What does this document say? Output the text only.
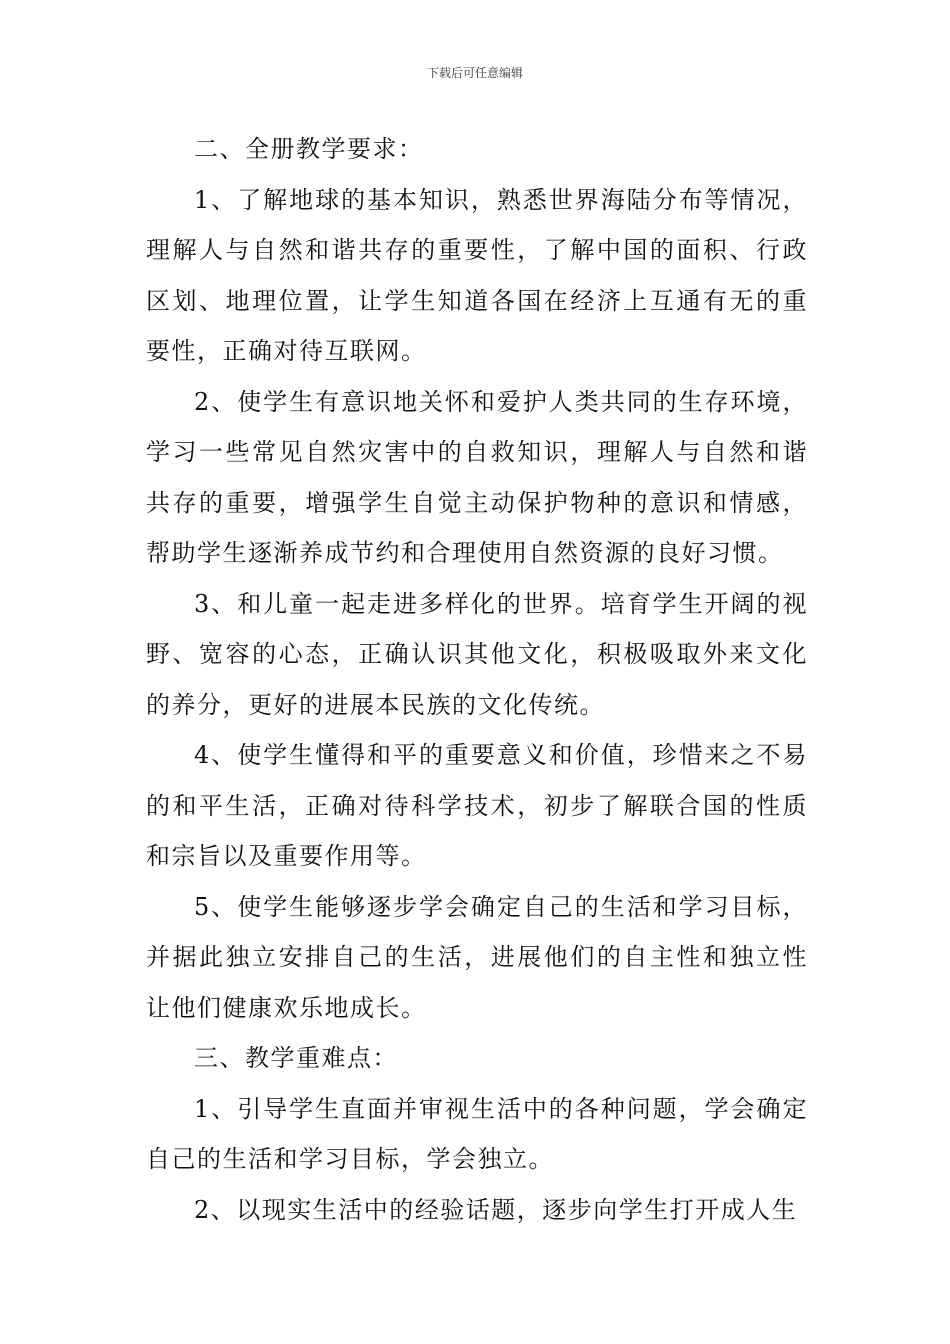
下载后可任意编辑

二、全册教学要求：

1、了解地球的基本知识，熟悉世界海陆分布等情况，理解人与自然和谐共存的重要性，了解中国的面积、行政区划、地理位置，让学生知道各国在经济上互通有无的重要性，正确对待互联网。

2、使学生有意识地关怀和爱护人类共同的生存环境，学习一些常见自然灾害中的自救知识，理解人与自然和谐共存的重要，增强学生自觉主动保护物种的意识和情感，帮助学生逐渐养成节约和合理使用自然资源的良好习惯。

3、和儿童一起走进多样化的世界。培育学生开阔的视野、宽容的心态，正确认识其他文化，积极吸取外来文化的养分，更好的进展本民族的文化传统。

4、使学生懂得和平的重要意义和价值，珍惜来之不易的和平生活，正确对待科学技术，初步了解联合国的性质和宗旨以及重要作用等。

5、使学生能够逐步学会确定自己的生活和学习目标，并据此独立安排自己的生活，进展他们的自主性和独立性让他们健康欢乐地成长。

三、教学重难点：

1、引导学生直面并审视生活中的各种问题，学会确定自己的生活和学习目标，学会独立。

2、以现实生活中的经验话题，逐步向学生打开成人生
